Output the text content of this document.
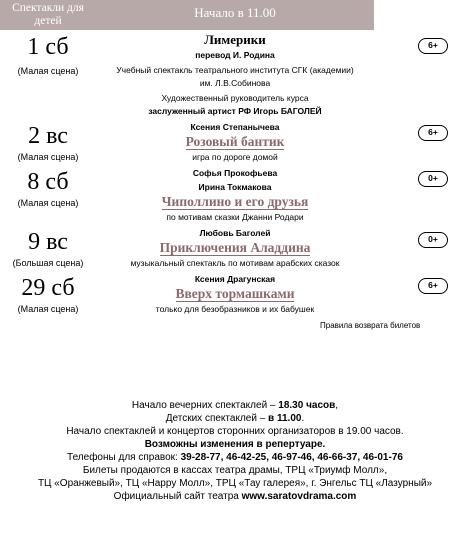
Спектакли для детей
Начало в 11.00
1 сб
(Малая сцена)
Лимерики
перевод И. Родина
Учебный спектакль театрального института СГК (академии)
им. Л.В.Собинова
Художественный руководитель курса
заслуженный артист РФ Игорь БАГОЛЕЙ
6+
2 вс
(Малая сцена)
Ксения Степанычева
Розовый бантик
игра по дороге домой
6+
8 сб
(Малая сцена)
Софья Прокофьева
Ирина Токмакова
Чиполлино и его друзья
по мотивам сказки Джанни Родари
0+
9 вс
(Большая сцена)
Любовь Баголей
Приключения Аладдина
музыкальный спектакль по мотивам арабских сказок
0+
29 сб
(Малая сцена)
Ксения Драгунская
Вверх тормашками
только для безобразников и их бабушек
6+
Правила возврата билетов
Начало вечерних спектаклей – 18.30 часов,
Детских спектаклей – в 11.00.
Начало спектаклей и концертов сторонних организаторов в 19.00 часов.
Возможны изменения в репертуаре.
Телефоны для справок: 39-28-77, 46-42-25, 46-97-46, 46-66-37, 46-01-76
Билеты продаются в кассах театра драмы, ТРЦ «Триумф Молл»,
ТЦ «Оранжевый», ТЦ «Happy Молл», ТРЦ «Тау галерея», г. Энгельс ТЦ «Лазурный»
Официальный сайт театра www.saratovdrama.com
